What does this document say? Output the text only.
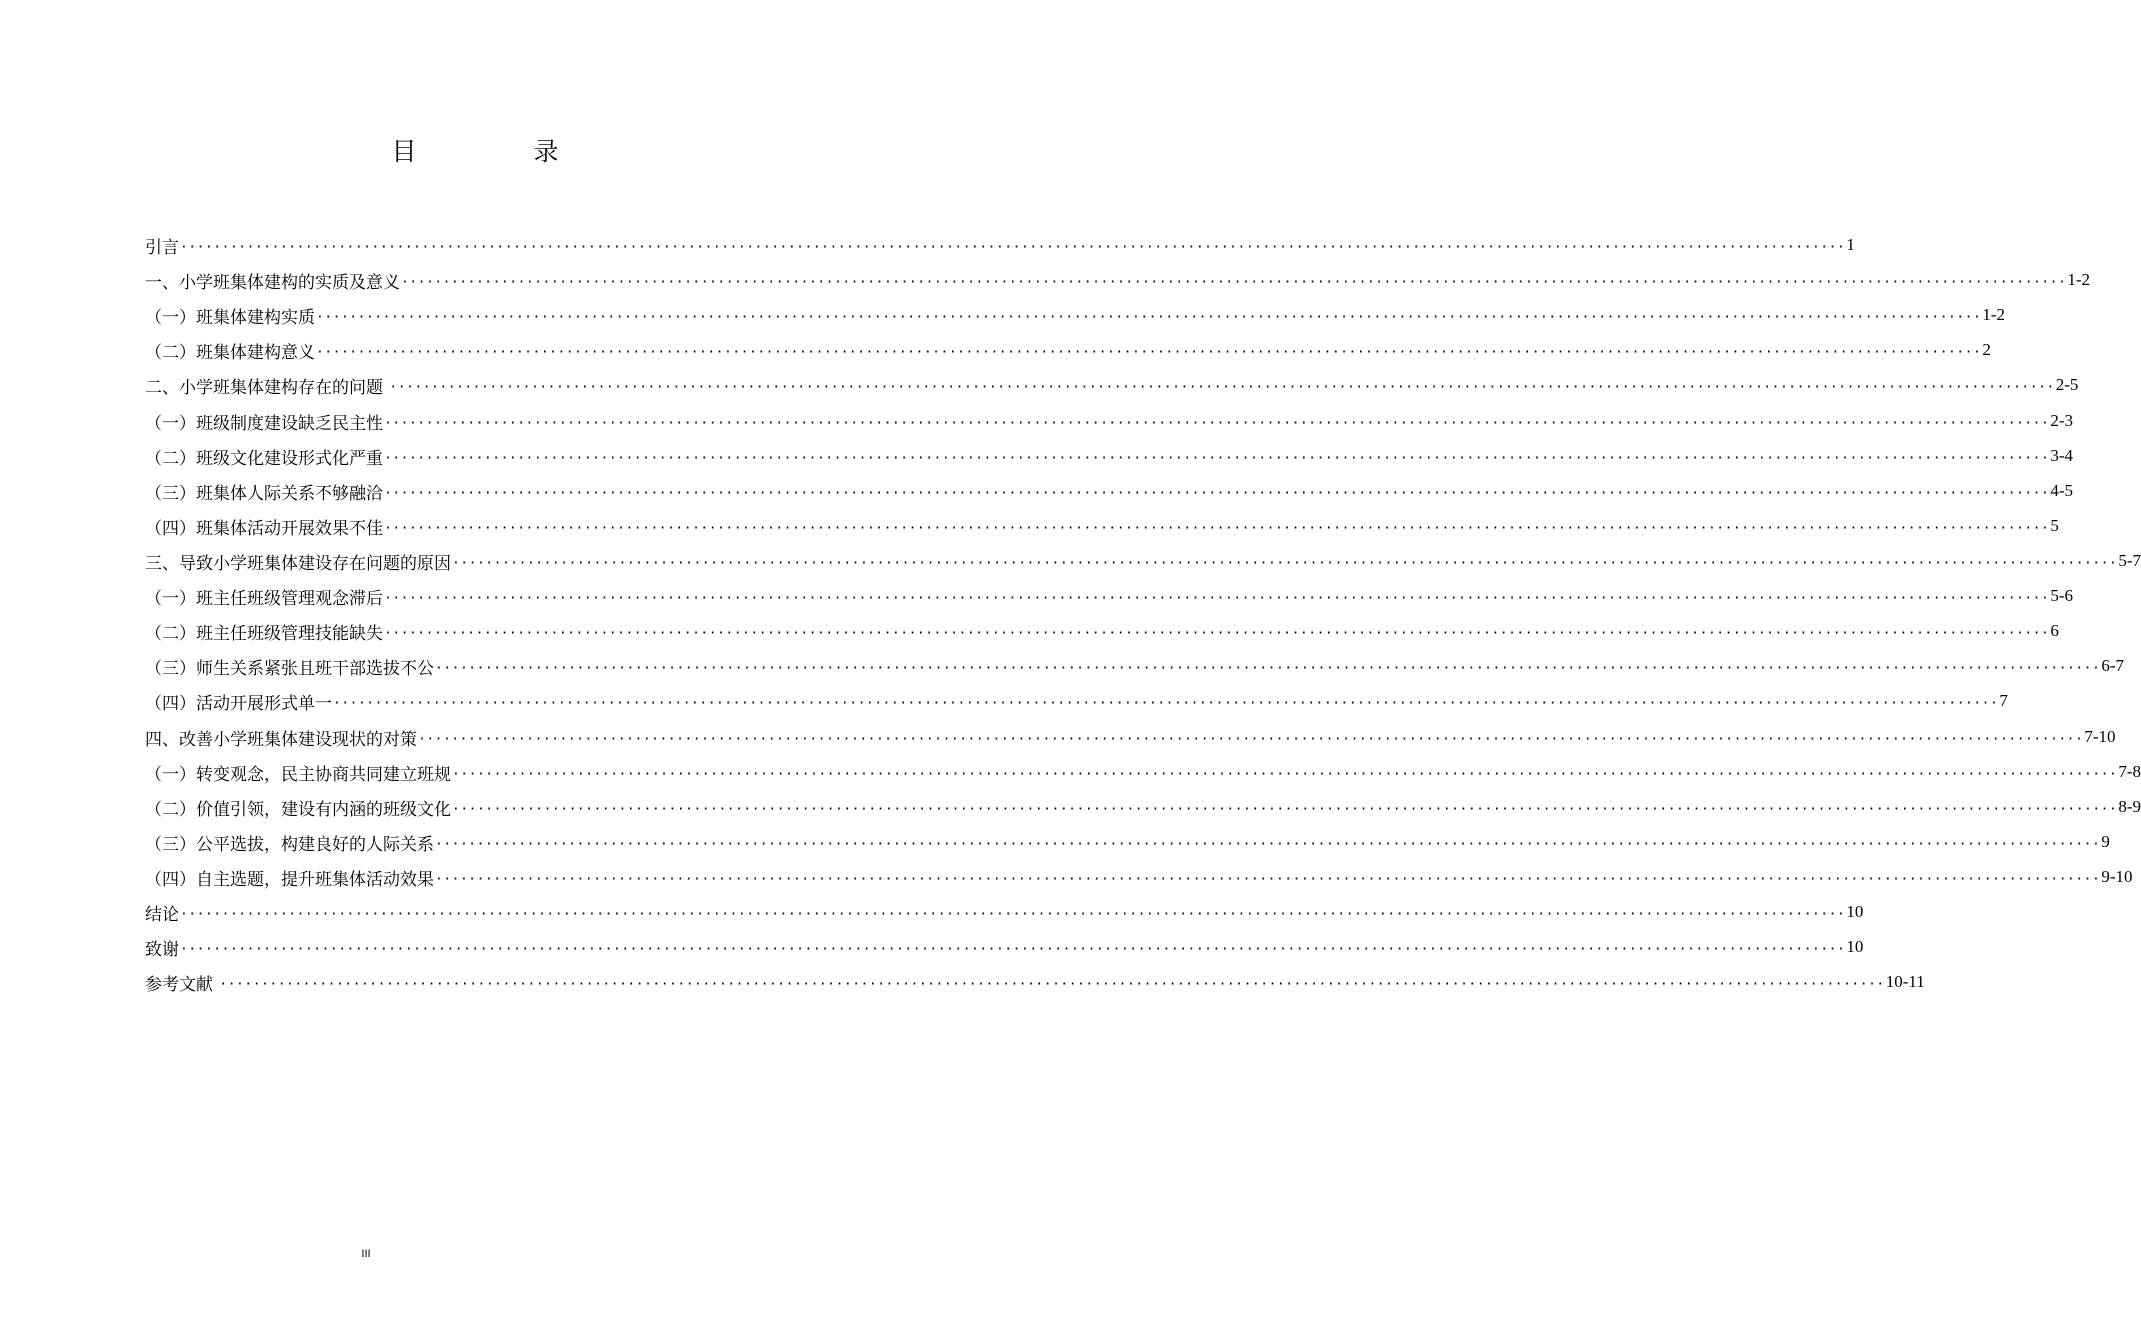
目　录
引言 ········································································································································································································ 1
一、小学班集体建构的实质及意义 ········································································································································································································ 1-2
（一）班集体建构实质 ········································································································································································································ 1-2
（二）班集体建构意义 ········································································································································································································ 2
二、小学班集体建构存在的问题 ········································································································································································································ 2-5
（一）班级制度建设缺乏民主性 ········································································································································································································ 2-3
（二）班级文化建设形式化严重 ········································································································································································································ 3-4
（三）班集体人际关系不够融洽 ········································································································································································································ 4-5
（四）班集体活动开展效果不佳 ········································································································································································································ 5
三、导致小学班集体建设存在问题的原因 ········································································································································································································ 5-7
（一）班主任班级管理观念滞后 ········································································································································································································ 5-6
（二）班主任班级管理技能缺失 ········································································································································································································ 6
（三）师生关系紧张且班干部选拔不公 ········································································································································································································ 6-7
（四）活动开展形式单一 ········································································································································································································ 7
四、改善小学班集体建设现状的对策 ········································································································································································································ 7-10
（一）转变观念，民主协商共同建立班规 ········································································································································································································ 7-8
（二）价值引领，建设有内涵的班级文化 ········································································································································································································ 8-9
（三）公平选拔，构建良好的人际关系 ········································································································································································································ 9
（四）自主选题，提升班集体活动效果 ········································································································································································································ 9-10
结论 ········································································································································································································ 10
致谢 ········································································································································································································ 10
参考文献 ········································································································································································································ 10-11
III
